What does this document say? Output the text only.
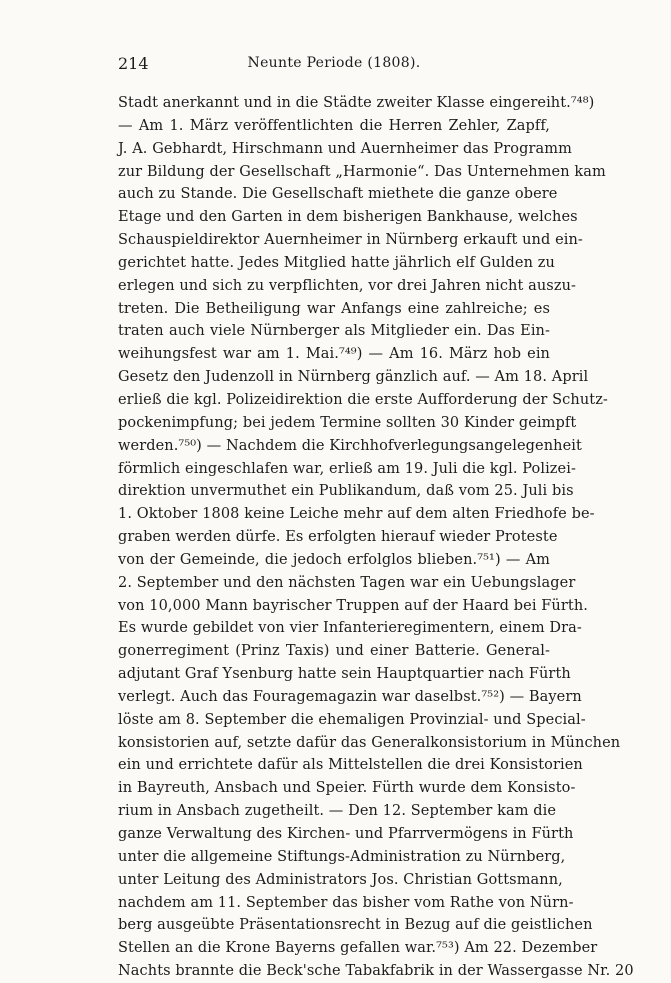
214	Neunte Periode (1808).
Stadt anerkannt und in die Städte zweiter Klasse eingereiht.⁷⁴⁸)
— Am 1. März veröffentlichten die Herren Zehler, Zapff,
J. A. Gebhardt, Hirschmann und Auernheimer das Programm
zur Bildung der Gesellschaft „Harmonie“. Das Unternehmen kam
auch zu Stande. Die Gesellschaft miethete die ganze obere
Etage und den Garten in dem bisherigen Bankhause, welches
Schauspieldirektor Auernheimer in Nürnberg erkauft und ein-
gerichtet hatte. Jedes Mitglied hatte jährlich elf Gulden zu
erlegen und sich zu verpflichten, vor drei Jahren nicht auszu-
treten. Die Betheiligung war Anfangs eine zahlreiche; es
traten auch viele Nürnberger als Mitglieder ein. Das Ein-
weihungsfest war am 1. Mai.⁷⁴⁹) — Am 16. März hob ein
Gesetz den Judenzoll in Nürnberg gänzlich auf. — Am 18. April
erließ die kgl. Polizeidirektion die erste Aufforderung der Schutz-
pockenimpfung; bei jedem Termine sollten 30 Kinder geimpft
werden.⁷⁵⁰) — Nachdem die Kirchhofverlegungsangelegenheit
förmlich eingeschlafen war, erließ am 19. Juli die kgl. Polizei-
direktion unvermuthet ein Publikandum, daß vom 25. Juli bis
1. Oktober 1808 keine Leiche mehr auf dem alten Friedhofe be-
graben werden dürfe. Es erfolgten hierauf wieder Proteste
von der Gemeinde, die jedoch erfolglos blieben.⁷⁵¹) — Am
2. September und den nächsten Tagen war ein Uebungslager
von 10,000 Mann bayrischer Truppen auf der Haard bei Fürth.
Es wurde gebildet von vier Infanterieregimentern, einem Dra-
gonerregiment (Prinz Taxis) und einer Batterie. General-
adjutant Graf Ysenburg hatte sein Hauptquartier nach Fürth
verlegt. Auch das Fouragemagazin war daselbst.⁷⁵²) — Bayern
löste am 8. September die ehemaligen Provinzial- und Special-
konsistorien auf, setzte dafür das Generalkonsistorium in München
ein und errichtete dafür als Mittelstellen die drei Konsistorien
in Bayreuth, Ansbach und Speier. Fürth wurde dem Konsisto-
rium in Ansbach zugetheilt. — Den 12. September kam die
ganze Verwaltung des Kirchen- und Pfarrvermögens in Fürth
unter die allgemeine Stiftungs-Administration zu Nürnberg,
unter Leitung des Administrators Jos. Christian Gottsmann,
nachdem am 11. September das bisher vom Rathe von Nürn-
berg ausgeübte Präsentationsrecht in Bezug auf die geistlichen
Stellen an die Krone Bayerns gefallen war.⁷⁵³) Am 22. Dezember
Nachts brannte die Beck'sche Tabakfabrik in der Wassergasse Nr. 20
